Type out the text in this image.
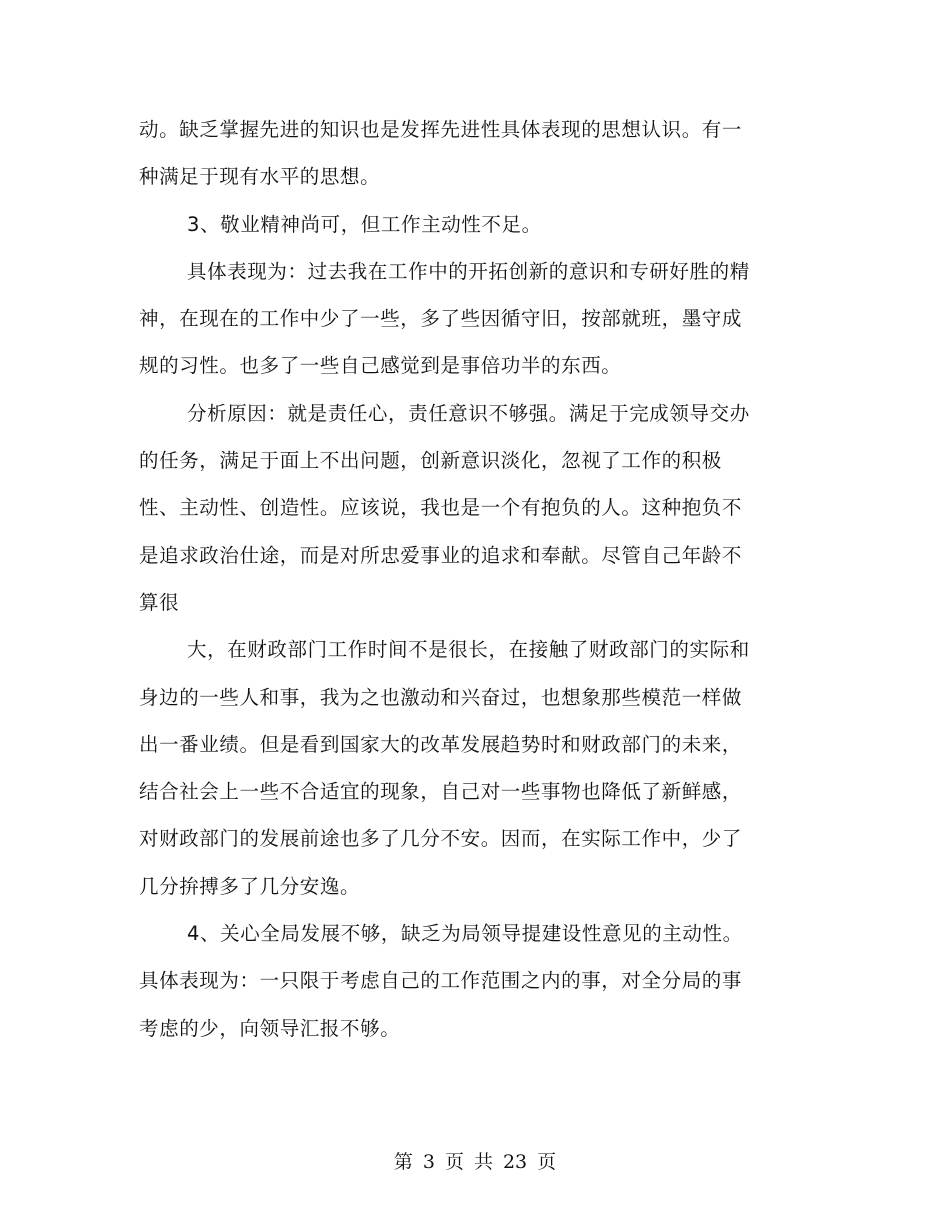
动。缺乏掌握先进的知识也是发挥先进性具体表现的思想认识。有一
种满足于现有水平的思想。
3、敬业精神尚可，但工作主动性不足。
具体表现为：过去我在工作中的开拓创新的意识和专研好胜的精
神，在现在的工作中少了一些，多了些因循守旧，按部就班，墨守成
规的习性。也多了一些自己感觉到是事倍功半的东西。
分析原因：就是责任心，责任意识不够强。满足于完成领导交办
的任务，满足于面上不出问题，创新意识淡化，忽视了工作的积极
性、主动性、创造性。应该说，我也是一个有抱负的人。这种抱负不
是追求政治仕途，而是对所忠爱事业的追求和奉献。尽管自己年龄不
算很
大，在财政部门工作时间不是很长，在接触了财政部门的实际和
身边的一些人和事，我为之也激动和兴奋过，也想象那些模范一样做
出一番业绩。但是看到国家大的改革发展趋势时和财政部门的未来，
结合社会上一些不合适宜的现象，自己对一些事物也降低了新鲜感，
对财政部门的发展前途也多了几分不安。因而，在实际工作中，少了
几分拚搏多了几分安逸。
4、关心全局发展不够，缺乏为局领导提建设性意见的主动性。
具体表现为：一只限于考虑自己的工作范围之内的事，对全分局的事
考虑的少，向领导汇报不够。
第 3 页 共 23 页
